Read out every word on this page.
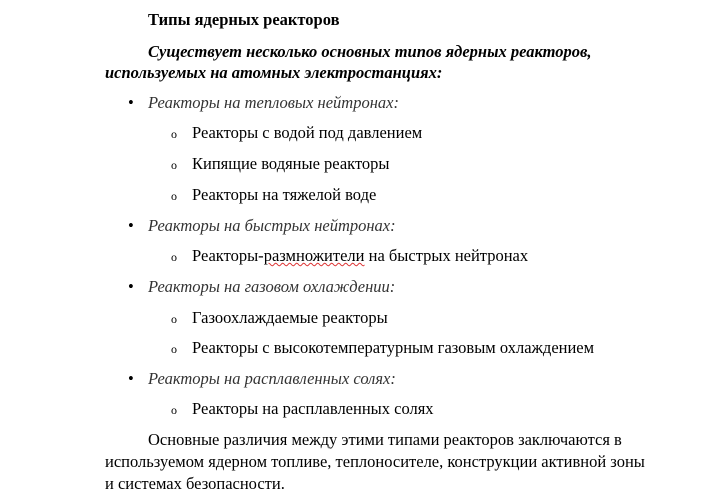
Типы ядерных реакторов
Существует несколько основных типов ядерных реакторов,
используемых на атомных электростанциях:
• Реакторы на тепловых нейтронах:
o Реакторы с водой под давлением
o Кипящие водяные реакторы
o Реакторы на тяжелой воде
• Реакторы на быстрых нейтронах:
o Реакторы-размножители на быстрых нейтронах
• Реакторы на газовом охлаждении:
o Газоохлаждаемые реакторы
o Реакторы с высокотемпературным газовым охлаждением
• Реакторы на расплавленных солях:
o Реакторы на расплавленных солях
Основные различия между этими типами реакторов заключаются в
используемом ядерном топливе, теплоносителе, конструкции активной зоны
и системах безопасности.
